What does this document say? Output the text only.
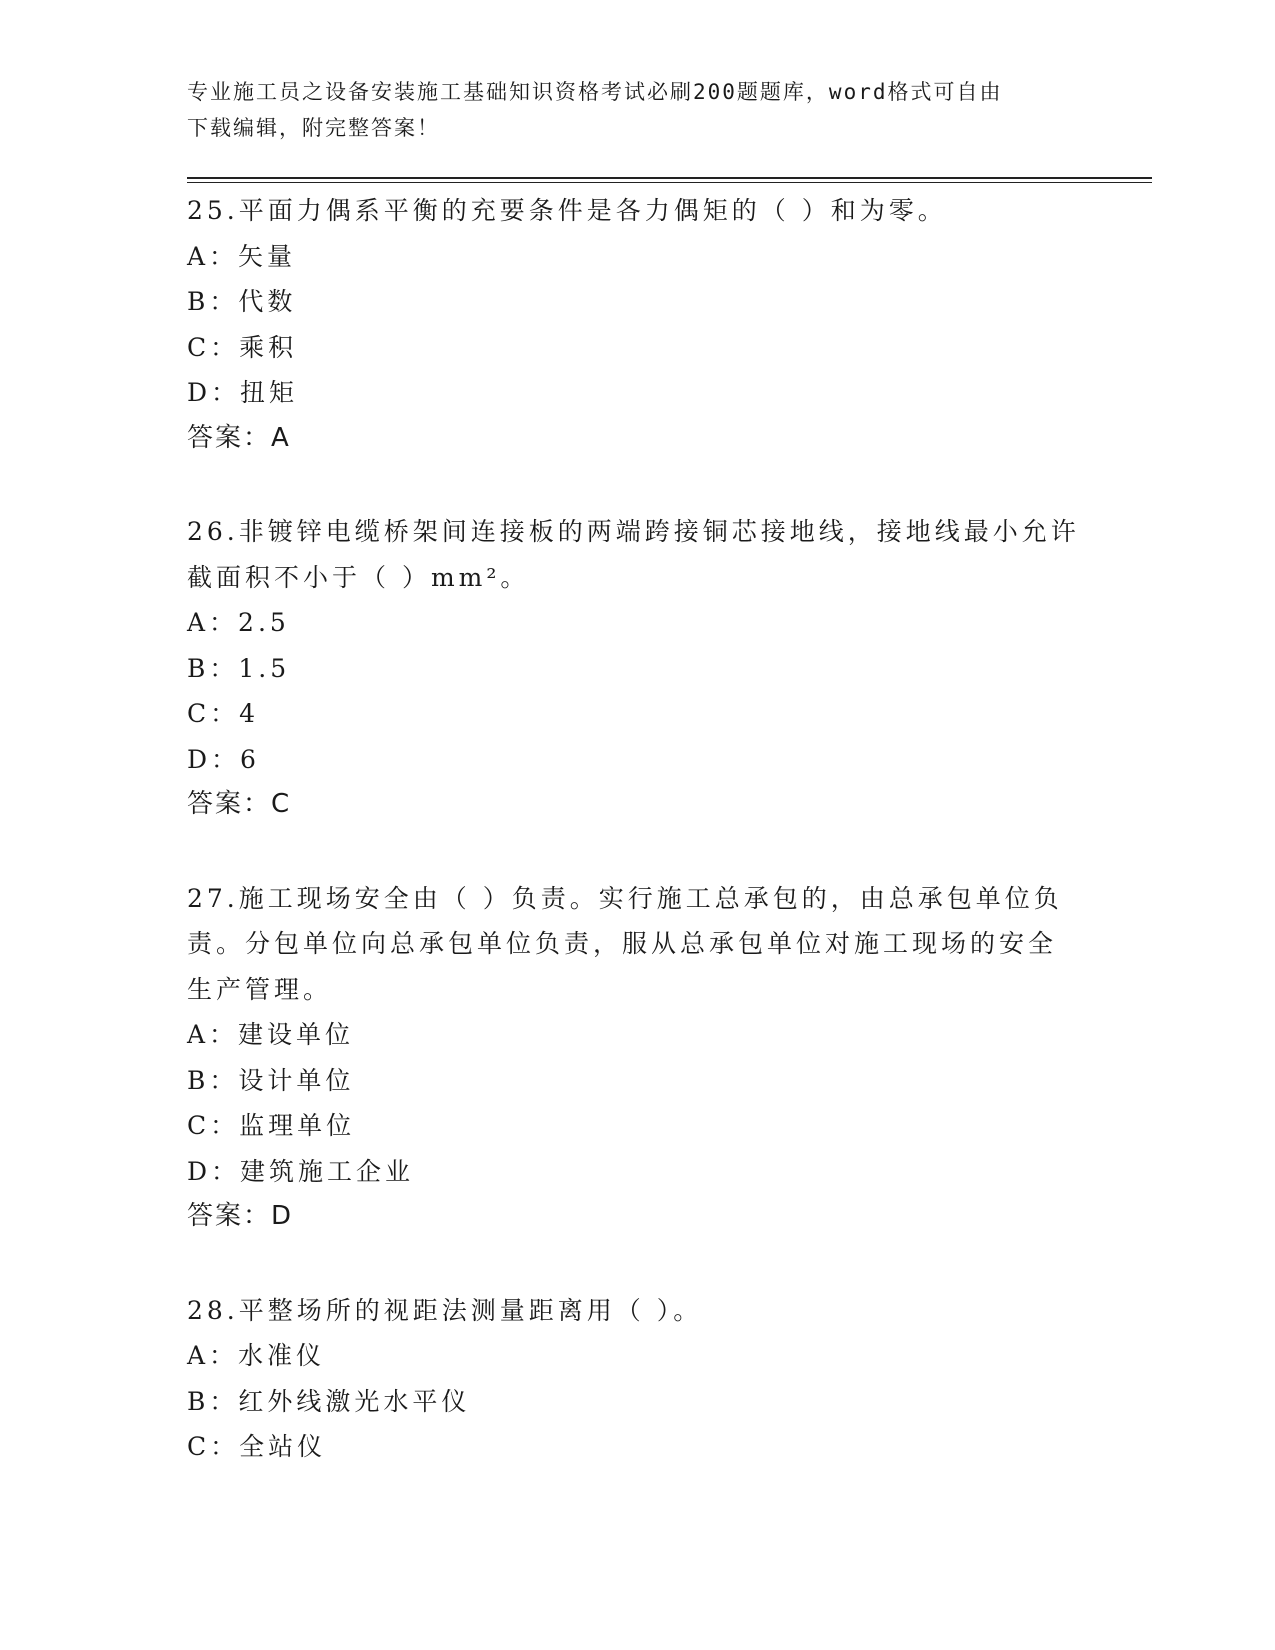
专业施工员之设备安装施工基础知识资格考试必刷200题题库，word格式可自由
下载编辑，附完整答案！
25.平面力偶系平衡的充要条件是各力偶矩的（ ）和为零。
A：矢量
B：代数
C：乘积
D：扭矩
答案：A
26.非镀锌电缆桥架间连接板的两端跨接铜芯接地线，接地线最小允许
截面积不小于（ ）mm²。
A：2.5
B：1.5
C：4
D：6
答案：C
27.施工现场安全由（ ）负责。实行施工总承包的，由总承包单位负
责。分包单位向总承包单位负责，服从总承包单位对施工现场的安全
生产管理。
A：建设单位
B：设计单位
C：监理单位
D：建筑施工企业
答案：D
28.平整场所的视距法测量距离用（ ）。
A：水准仪
B：红外线激光水平仪
C：全站仪
